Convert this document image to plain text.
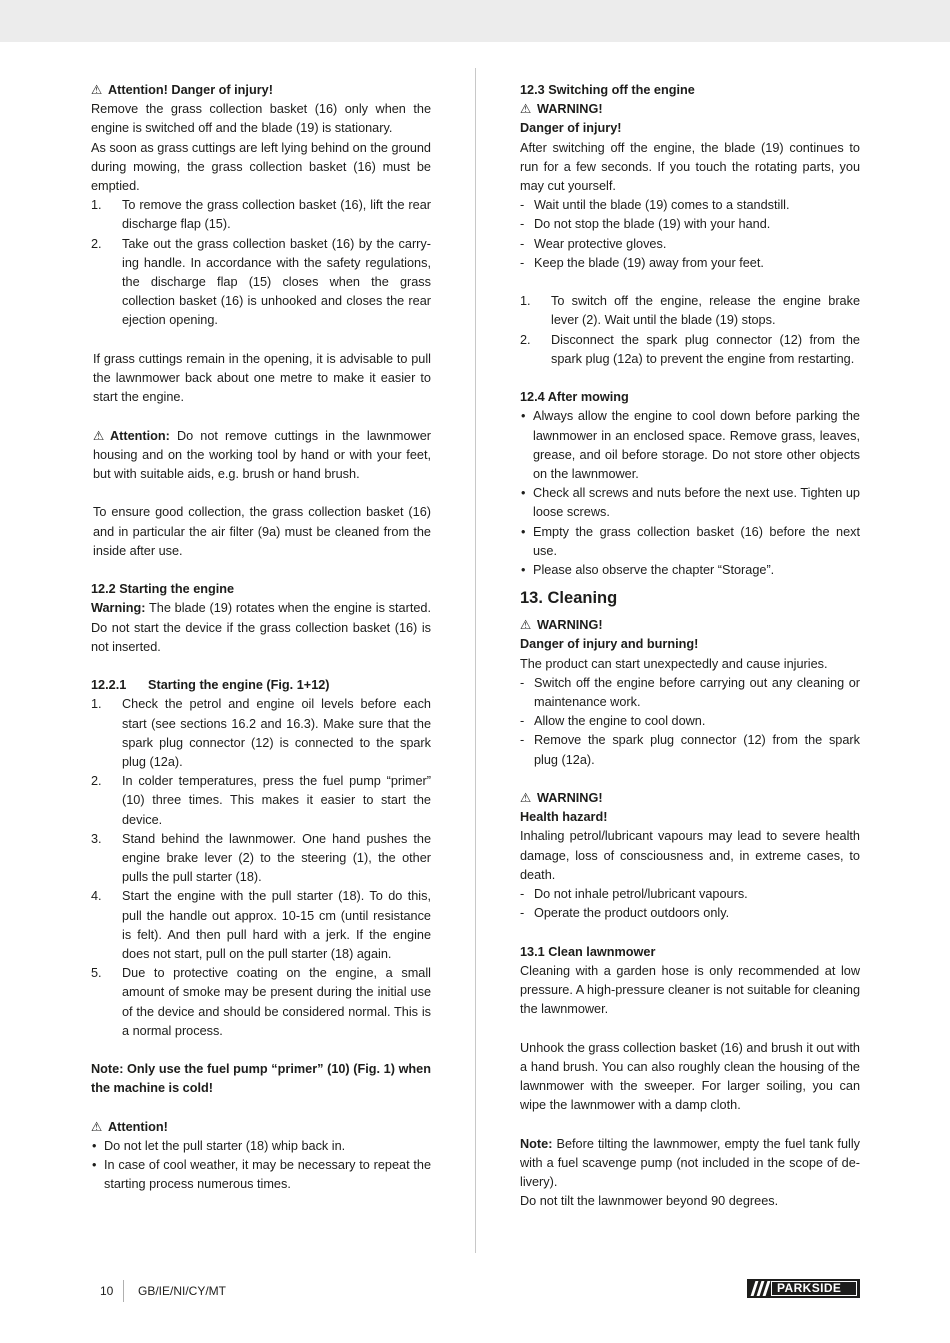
⚠ Attention! Danger of injury!

Remove the grass collection basket (16) only when the engine is switched off and the blade (19) is stationary.

As soon as grass cuttings are left lying behind on the ground during mowing, the grass collection basket (16) must be emptied.

1. To remove the grass collection basket (16), lift the rear discharge flap (15).
2. Take out the grass collection basket (16) by the carrying handle. In accordance with the safety regulations, the discharge flap (15) closes when the grass collection basket (16) is unhooked and closes the rear ejection opening.

If grass cuttings remain in the opening, it is advisable to pull the lawnmower back about one metre to make it easier to start the engine.

⚠ Attention: Do not remove cuttings in the lawnmower housing and on the working tool by hand or with your feet, but with suitable aids, e.g. brush or hand brush.

To ensure good collection, the grass collection basket (16) and in particular the air filter (9a) must be cleaned from the inside after use.

12.2 Starting the engine

Warning: The blade (19) rotates when the engine is started. Do not start the device if the grass collection basket (16) is not inserted.

12.2.1 Starting the engine (Fig. 1+12)

1. Check the petrol and engine oil levels before each start (see sections 16.2 and 16.3). Make sure that the spark plug connector (12) is connected to the spark plug (12a).
2. In colder temperatures, press the fuel pump “primer” (10) three times. This makes it easier to start the device.
3. Stand behind the lawnmower. One hand pushes the engine brake lever (2) to the steering (1), the other pulls the pull starter (18).
4. Start the engine with the pull starter (18). To do this, pull the handle out approx. 10-15 cm (until resistance is felt). And then pull hard with a jerk. If the engine does not start, pull on the pull starter (18) again.
5. Due to protective coating on the engine, a small amount of smoke may be present during the initial use of the device and should be considered normal. This is a normal process.

Note: Only use the fuel pump “primer” (10) (Fig. 1) when the machine is cold!

⚠ Attention!

• Do not let the pull starter (18) whip back in.
• In case of cool weather, it may be necessary to repeat the starting process numerous times.

12.3 Switching off the engine

⚠ WARNING!

Danger of injury!

After switching off the engine, the blade (19) continues to run for a few seconds. If you touch the rotating parts, you may cut yourself.

- Wait until the blade (19) comes to a standstill.
- Do not stop the blade (19) with your hand.
- Wear protective gloves.
- Keep the blade (19) away from your feet.
1. To switch off the engine, release the engine brake lever (2). Wait until the blade (19) stops.
2. Disconnect the spark plug connector (12) from the spark plug (12a) to prevent the engine from restarting.

12.4 After mowing

• Always allow the engine to cool down before parking the lawnmower in an enclosed space. Remove grass, leaves, grease, and oil before storage. Do not store other objects on the lawnmower.
• Check all screws and nuts before the next use. Tighten up loose screws.
• Empty the grass collection basket (16) before the next use.
• Please also observe the chapter “Storage”.

13. Cleaning

⚠ WARNING!

Danger of injury and burning!

The product can start unexpectedly and cause injuries.

- Switch off the engine before carrying out any cleaning or maintenance work.
- Allow the engine to cool down.
- Remove the spark plug connector (12) from the spark plug (12a).

⚠ WARNING!

Health hazard!

Inhaling petrol/lubricant vapours may lead to severe health damage, loss of consciousness and, in extreme cases, to death.

- Do not inhale petrol/lubricant vapours.
- Operate the product outdoors only.

13.1 Clean lawnmower

Cleaning with a garden hose is only recommended at low pressure. A high-pressure cleaner is not suitable for cleaning the lawnmower.

Unhook the grass collection basket (16) and brush it out with a hand brush. You can also roughly clean the housing of the lawnmower with the sweeper. For larger soiling, you can wipe the lawnmower with a damp cloth.

Note: Before tilting the lawnmower, empty the fuel tank fully with a fuel scavenge pump (not included in the scope of delivery).

Do not tilt the lawnmower beyond 90 degrees.

10 GB/IE/NI/CY/MT	PARKSIDE
